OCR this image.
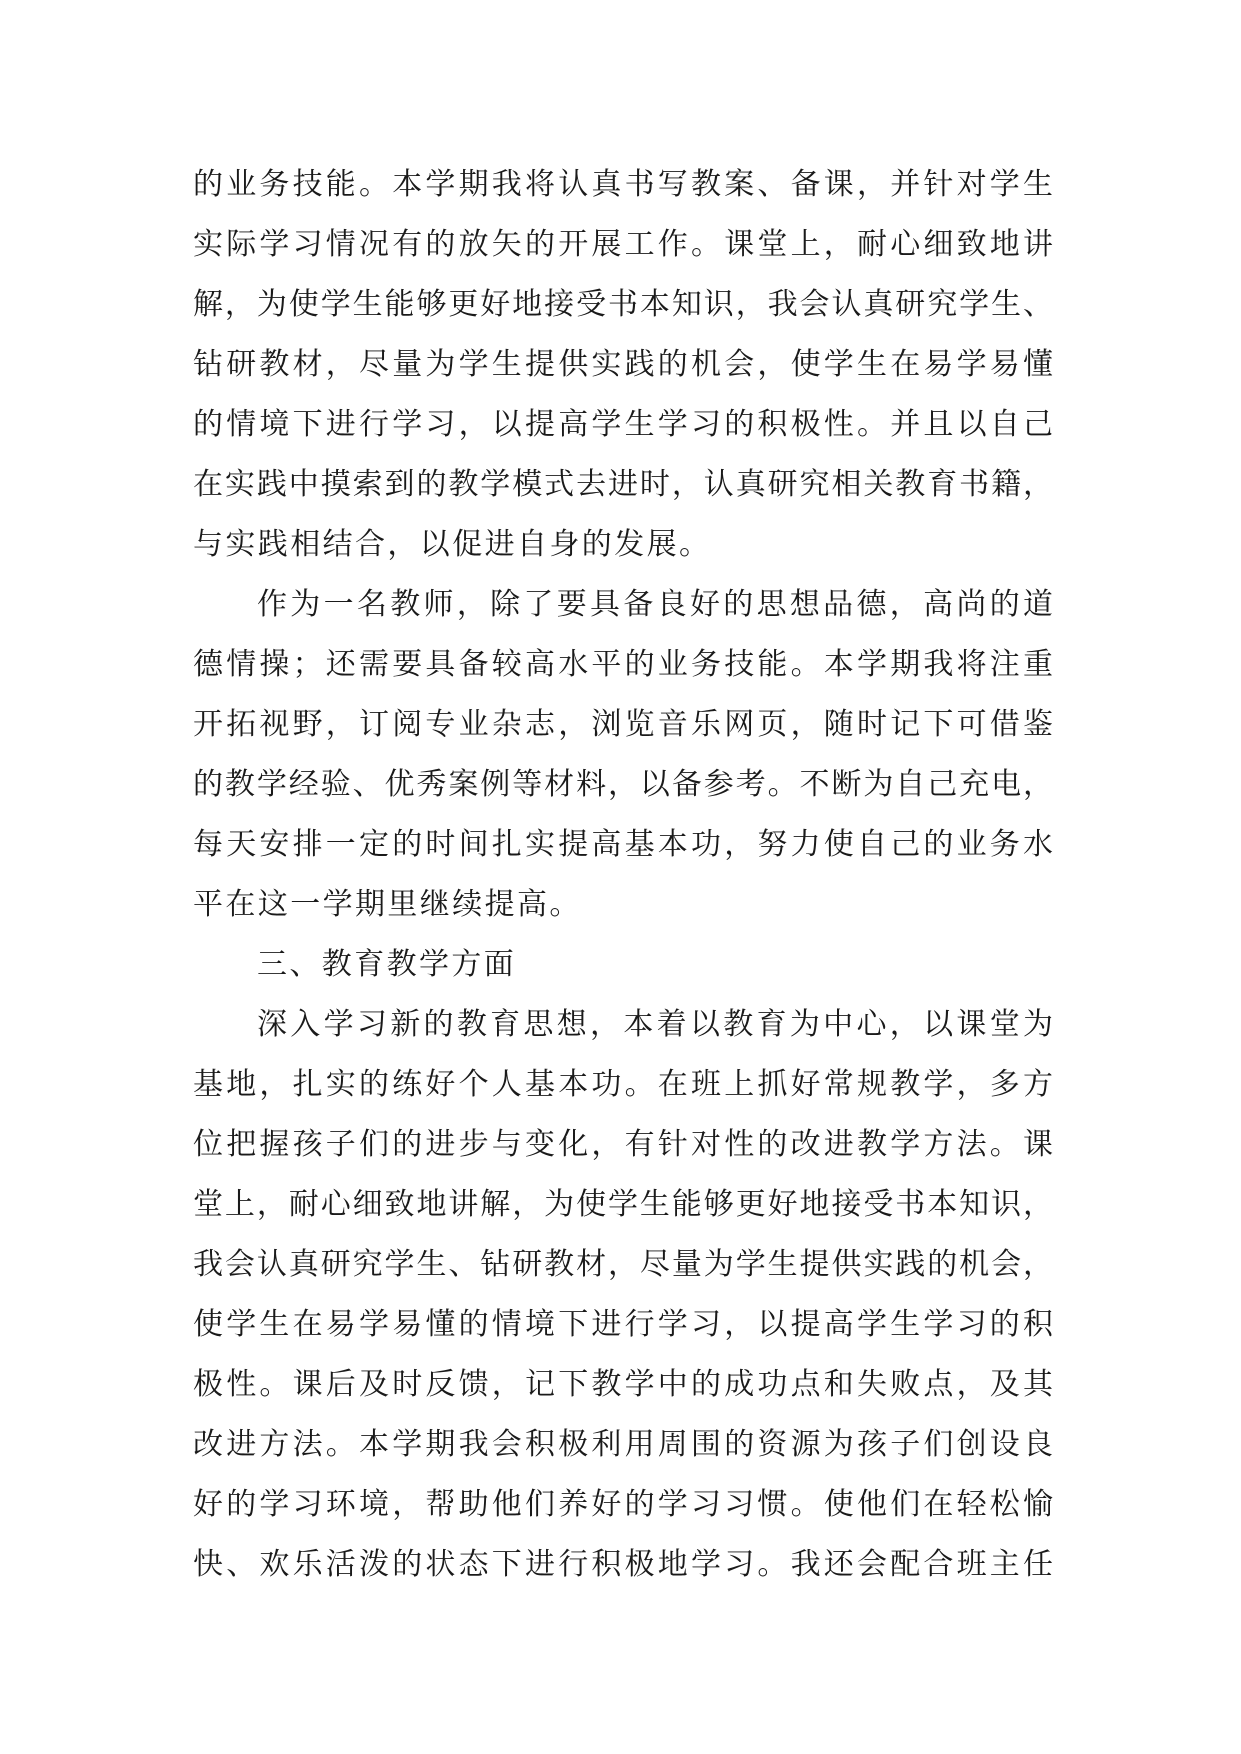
的业务技能。本学期我将认真书写教案、备课，并针对学生
实际学习情况有的放矢的开展工作。课堂上，耐心细致地讲
解，为使学生能够更好地接受书本知识，我会认真研究学生、
钻研教材，尽量为学生提供实践的机会，使学生在易学易懂
的情境下进行学习，以提高学生学习的积极性。并且以自己
在实践中摸索到的教学模式去进时，认真研究相关教育书籍，
与实践相结合，以促进自身的发展。
作为一名教师，除了要具备良好的思想品德，高尚的道
德情操；还需要具备较高水平的业务技能。本学期我将注重
开拓视野，订阅专业杂志，浏览音乐网页，随时记下可借鉴
的教学经验、优秀案例等材料，以备参考。不断为自己充电，
每天安排一定的时间扎实提高基本功，努力使自己的业务水
平在这一学期里继续提高。
三、教育教学方面
深入学习新的教育思想，本着以教育为中心，以课堂为
基地，扎实的练好个人基本功。在班上抓好常规教学，多方
位把握孩子们的进步与变化，有针对性的改进教学方法。课
堂上，耐心细致地讲解，为使学生能够更好地接受书本知识，
我会认真研究学生、钻研教材，尽量为学生提供实践的机会，
使学生在易学易懂的情境下进行学习，以提高学生学习的积
极性。课后及时反馈，记下教学中的成功点和失败点，及其
改进方法。本学期我会积极利用周围的资源为孩子们创设良
好的学习环境，帮助他们养好的学习习惯。使他们在轻松愉
快、欢乐活泼的状态下进行积极地学习。我还会配合班主任
